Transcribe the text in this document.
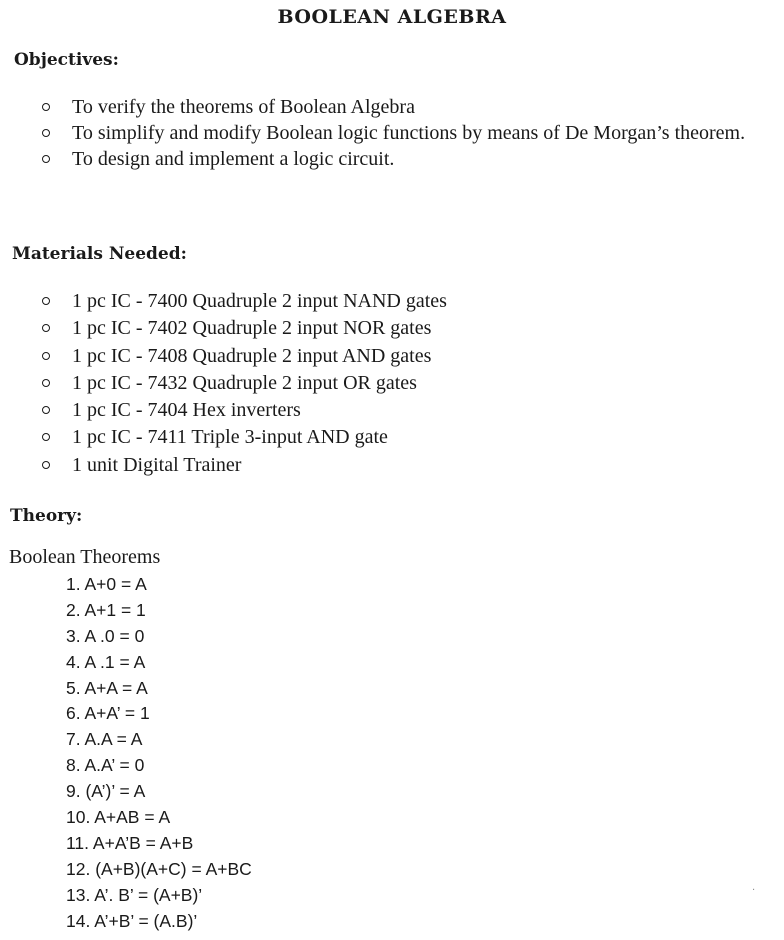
BOOLEAN ALGEBRA
Objectives:
To verify the theorems of Boolean Algebra
To simplify and modify Boolean logic functions by means of De Morgan’s theorem.
To design and implement a logic circuit.
Materials Needed:
1 pc IC - 7400 Quadruple 2 input NAND gates
1 pc IC - 7402 Quadruple 2 input NOR gates
1 pc IC - 7408 Quadruple 2 input AND gates
1 pc IC - 7432 Quadruple 2 input OR gates
1 pc IC - 7404 Hex inverters
1 pc IC - 7411 Triple 3-input AND gate
1 unit Digital Trainer
Theory:
Boolean Theorems
1. A+0 = A
2. A+1 = 1
3. A .0 = 0
4. A .1 = A
5. A+A = A
6. A+A’ = 1
7. A.A = A
8. A.A’ = 0
9. (A’)’ = A
10. A+AB = A
11. A+A’B = A+B
12. (A+B)(A+C) = A+BC
13. A’. B’ = (A+B)’
14. A’+B’ = (A.B)’
·
